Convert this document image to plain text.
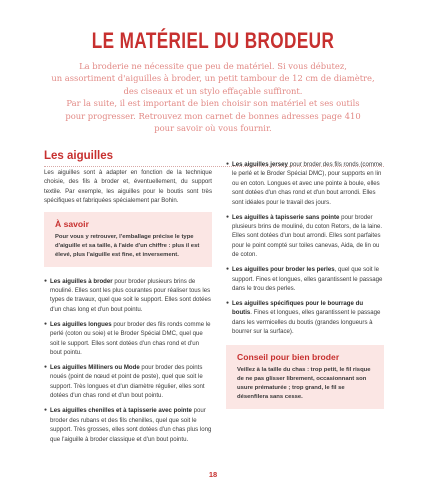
LE MATÉRIEL DU BRODEUR

La broderie ne nécessite que peu de matériel. Si vous débutez,

un assortiment d'aiguilles à broder, un petit tambour de 12 cm de diamètre,

des ciseaux et un stylo effaçable suffiront.

Par la suite, il est important de bien choisir son matériel et ses outils

pour progresser. Retrouvez mon carnet de bonnes adresses page 410

pour savoir où vous fournir.

Les aiguilles

Les aiguilles sont à adapter en fonction de la technique choisie, des fils à broder et, éventuellement, du support textile. Par exemple, les aiguilles pour le boutis sont très spécifiques et fabriquées spécialement par Bohin.

À savoir
Pour vous y retrouver, l'emballage précise le type d'aiguille et sa taille, à l'aide d'un chiffre : plus il est élevé, plus l'aiguille est fine, et inversement.
● Les aiguilles à broder pour broder plusieurs brins de mouliné. Elles sont les plus courantes pour réaliser tous les types de travaux, quel que soit le support. Elles sont dotées d'un chas long et d'un bout pointu.
● Les aiguilles longues pour broder des fils ronds comme le perlé (coton ou soie) et le Broder Spécial DMC, quel que soit le support. Elles sont dotées d'un chas rond et d'un bout pointu.
● Les aiguilles Milliners ou Mode pour broder des points noués (point de nœud et point de poste), quel que soit le support. Très longues et d'un diamètre régulier, elles sont dotées d'un chas rond et d'un bout pointu.
● Les aiguilles chenilles et à tapisserie avec pointe pour broder des rubans et des fils chenilles, quel que soit le support. Très grosses, elles sont dotées d'un chas plus long que l'aiguille à broder classique et d'un bout pointu.
● Les aiguilles jersey pour broder des fils ronds (comme le perlé et le Broder Spécial DMC), pour supports en lin ou en coton. Longues et avec une pointe à boule, elles sont dotées d'un chas rond et d'un bout arrondi. Elles sont idéales pour le travail des jours.
● Les aiguilles à tapisserie sans pointe pour broder plusieurs brins de mouliné, du coton Retors, de la laine. Elles sont dotées d'un bout arrondi. Elles sont parfaites pour le point compté sur toiles canevas, Aida, de lin ou de coton.
● Les aiguilles pour broder les perles, quel que soit le support. Fines et longues, elles garantissent le passage dans le trou des perles.
● Les aiguilles spécifiques pour le bourrage du boutis. Fines et longues, elles garantissent le passage dans les vermicelles du boutis (grandes longueurs à bourrer sur la surface).
Conseil pour bien broder
Veillez à la taille du chas : trop petit, le fil risque de ne pas glisser librement, occasionnant son usure prématurée ; trop grand, le fil se désenfilera sans cesse.
18
